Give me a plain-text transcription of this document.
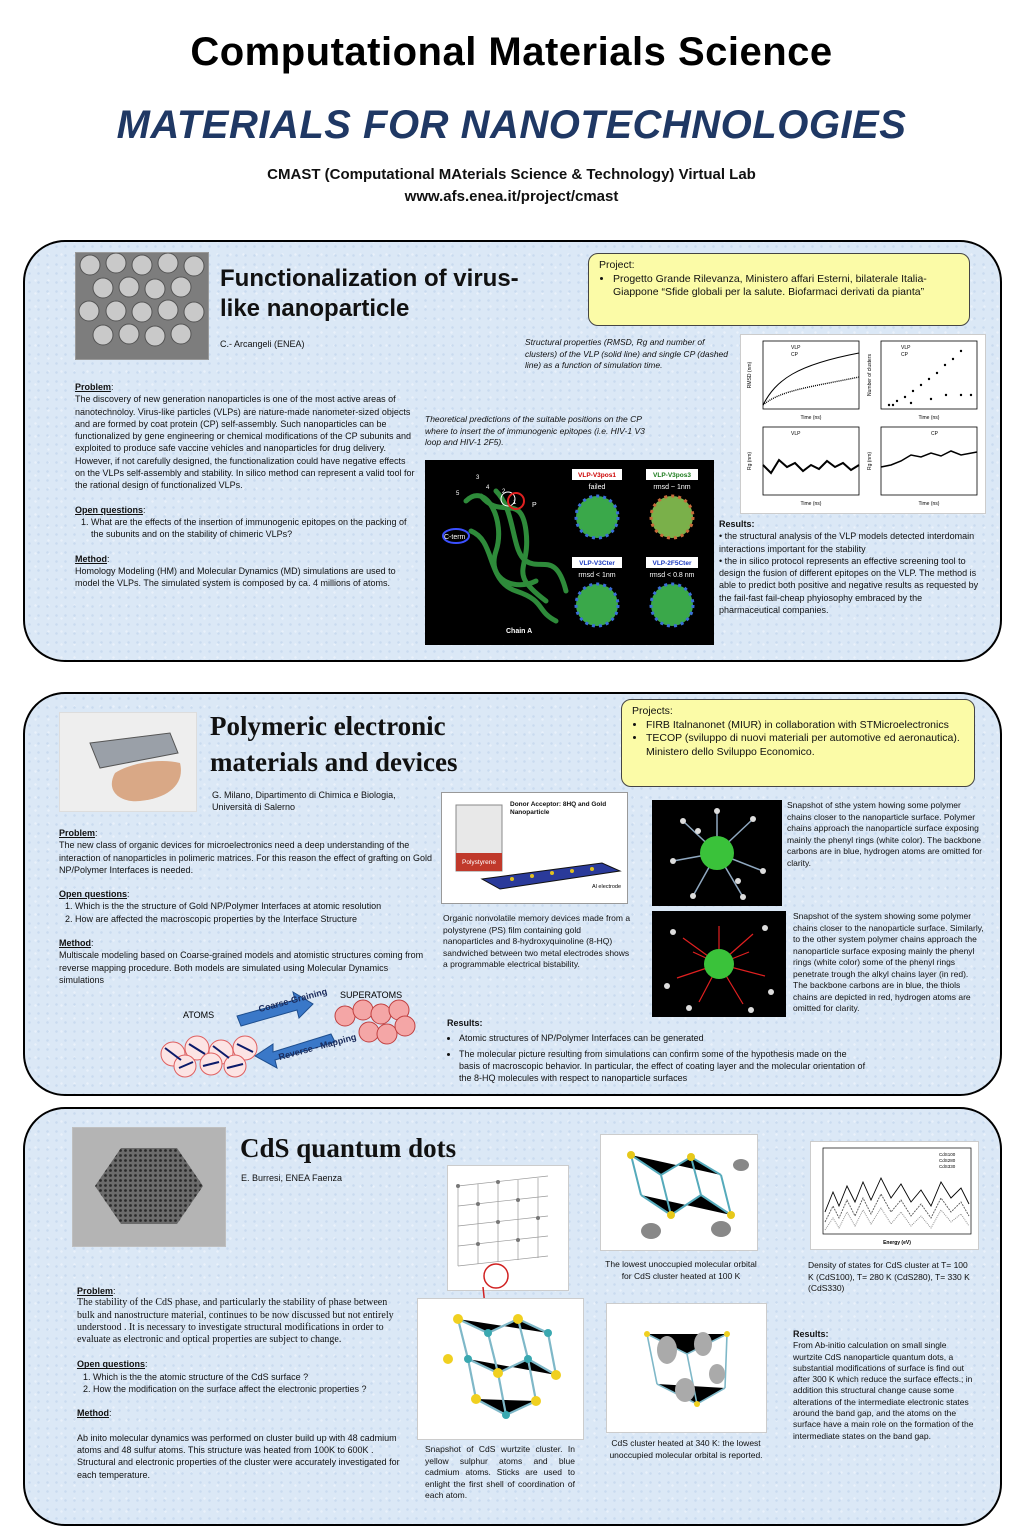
Computational Materials Science
MATERIALS FOR NANOTECHNOLOGIES
CMAST (Computational MAterials Science & Technology) Virtual Lab
www.afs.enea.it/project/cmast
Functionalization of virus-like nanoparticle
C.- Arcangeli (ENEA)
Project:
• Progetto Grande Rilevanza, Ministero affari Esterni, bilaterale Italia-Giappone “Sfide globali per la salute. Biofarmaci derivati da pianta”

Problem:

The discovery of new generation nanoparticles is one of the most active areas of nanotechnoloy. Virus-like particles (VLPs) are nature-made nanometer-sized objects and are formed by coat protein (CP) self-assembly. Such nanoparticles can be functionalized by gene engineering or chemical modifications of the CP subunits and exploited to produce safe vaccine vehicles and nanoparticles for drug delivery. However, if not carefully designed, the functionalization could have negative effects on the VLPs self-assembly and stability. In silico method can represent a valid tool for the rational design of functionalized VLPs.

Open questions:

1. What are the effects of the insertion of immunogenic epitopes on the packing of the subunits and on the stability of chimeric VLPs?

Method:

Homology Modeling (HM) and Molecular Dynamics (MD) simulations are used to model the VLPs. The simulated system is composed by ca. 4 millions of atoms.

Structural properties (RMSD, Rg and number of clusters) of the VLP (solid line) and single CP (dashed line) as a function of simulation time.
Theoretical predictions of the suitable positions on the CP where to insert the of immunogenic epitopes (i.e. HIV-1 V3 loop and HIV-1 2F5).
C-term
Chain A
P
1
2
3
4
5
VLP-V3pos1
failed
VLP-V3pos3
rmsd ~ 1nm
VLP-V3Cter
rmsd < 1nm
VLP-2F5Cter
rmsd < 0.8 nm
Time (ns)	Time (ns)
Time (ns)	Time (ns)
RMSD (nm)	Number of clusters
Rg (nm)	Rg (nm)
VLP
CP
VLP
CP
VLP	CP

Results:

• the structural analysis of the VLP models detected interdomain interactions important for the stability

• the in silico protocol represents an effective screening tool to design the fusion of different epitopes on the VLP. The method is able to predict both positive and negative results as requested by the fail-fast fail-cheap phyiosophy embraced by the pharmaceutical companies.

Polymeric electronic materials and devices
G. Milano, Dipartimento di Chimica e Biologia, Università di Salerno
Projects:
• FIRB Italnanonet (MIUR) in collaboration with STMicroelectronics
• TECOP (sviluppo di nuovi materiali per automotive ed aeronautica). Ministero dello Sviluppo Economico.

Problem:

The new class of organic devices for microelectronics need a deep understanding of the interaction of nanoparticles in polimeric matrices. For this reason the effect of grafting on Gold NP/Polymer Interfaces is needed.

Open questions:

1. Which is the the structure of Gold NP/Polymer Interfaces at atomic resolution
2. How are affected the macroscopic properties by the Interface Structure

Method:

Multiscale modeling based on Coarse-grained models and atomistic structures coming from reverse mapping procedure. Both models are simulated using Molecular Dynamics simulations

ATOMS
SUPERATOMS
Coarse-Graining
Reverse - Mapping
Polystyrene
Donor Acceptor: 8HQ and Gold Nanoparticle
Al electrode
Organic nonvolatile memory devices made from a polystyrene (PS) film containing gold nanoparticles and 8-hydroxyquinoline (8-HQ) sandwiched between two metal electrodes shows a programmable electrical bistability.
Snapshot of sthe ystem howing some polymer chains closer to the nanoparticle surface. Polymer chains approach the nanoparticle surface exposing mainly the phenyl rings (white color). The backbone carbons are in blue, hydrogen atoms are omitted for clarity.
Snapshot of the system showing some polymer chains closer to the nanoparticle surface. Similarly, to the other system polymer chains approach the nanoparticle surface exposing mainly the phenyl rings (white color) some of the phenyl rings penetrate trough the alkyl chains layer (in red). The backbone carbons are in blue, the thiols chains are depicted in red, hydrogen atoms are omitted for clarity.

Results:

• Atomic structures of NP/Polymer Interfaces can be generated
• The molecular picture resulting from simulations can confirm some of the hypothesis made on the basis of macroscopic behavior. In particular, the effect of coating layer and the molecular orientation of the 8-HQ molecules with respect to nanoparticle surfaces
CdS quantum dots
E. Burresi, ENEA Faenza

Problem:

The stability of the CdS phase, and particularly the stability of phase between bulk and nanostructure material, continues to be now discussed but not entirely understood . It is necessary to investigate structural modifications in order to evaluate as electronic and optical properties are subject to change.

Open questions:

1. Which is the the atomic structure of the CdS surface ?
2. How the modification on the surface affect the electronic properties ?

Method:

Ab inito molecular dynamics was performed on cluster build up with 48 cadmium atoms and 48 sulfur atoms. This structure was heated from 100K to 600K . Structural and electronic properties of the cluster were accurately investigated for each temperature.

The lowest unoccupied molecular orbital for CdS cluster heated at 100 K
CdS100
CdS280
CdS330
Energy (eV)
Density of states for CdS cluster at T= 100 K (CdS100), T= 280 K (CdS280), T= 330 K (CdS330)
Snapshot of CdS wurtzite cluster. In yellow sulphur atoms and blue cadmium atoms. Sticks are used to enlight the first shell of coordination of each atom.
CdS cluster heated at 340 K: the lowest unoccupied molecular orbital is reported.

Results:

From Ab-initio calculation on small single wurtzite CdS nanoparticle quantum dots, a substantial modifications of surface is find out after 300 K which reduce the surface effects.; in addition this structural change cause some alterations of the intermediate electronic states around the band gap, and the atoms on the surface have a main role on the formation of the intermediate states on the band gap.
